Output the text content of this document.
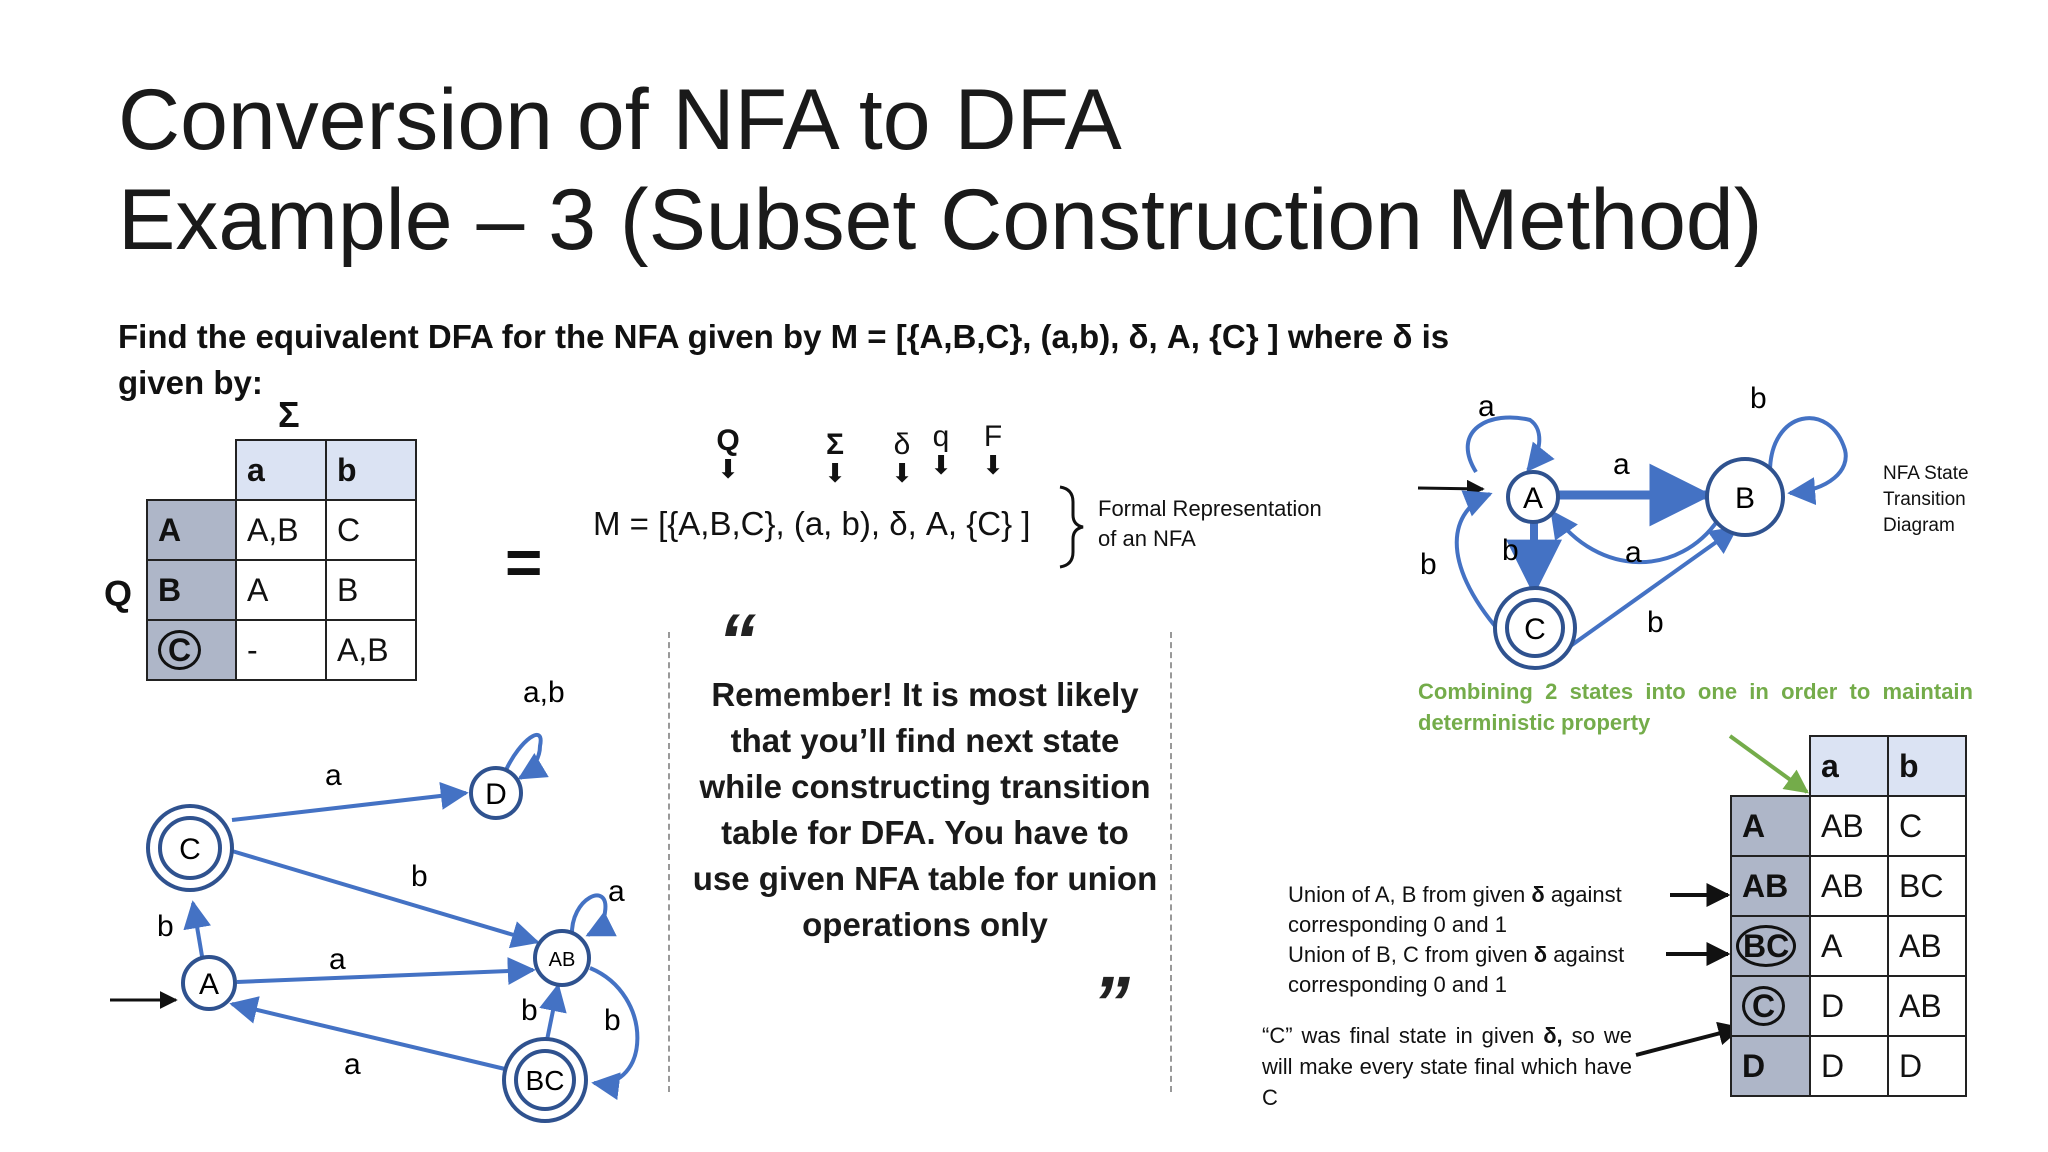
Conversion of NFA to DFA
Example – 3 (Subset Construction Method)
Find the equivalent DFA for the NFA given by M = [{A,B,C}, (a,b), δ, A, {C} ] where δ is given by:
Σ
Q
	a	b
A	A,B	C
B	A	B
C	-	A,B
=
Q
⬇
Σ
⬇
δ
⬇
q
⬇
F
⬇
M = [{A,B,C}, (a, b), δ, A, {C} ]	Formal Representation
of an NFA
“
Remember! It is most likely that you’ll find next state while constructing transition table for DFA. You have to use given NFA table for union operations only
”
A	B
C
a	b
a
a
b
b
b
C
D
AB
A
BC
a
a,b
b
b
a
a
b b
a
NFA State
Transition
Diagram
Combining 2 states into one in order to maintain deterministic property
Union of A, B from given δ against
corresponding 0 and 1
Union of B, C from given δ against
corresponding 0 and 1
“C” was final state in given δ, so we will make every state final which have C
	a	b
A	AB	C
AB	AB	BC
BC	A	AB
C	D	AB
D	D	D
